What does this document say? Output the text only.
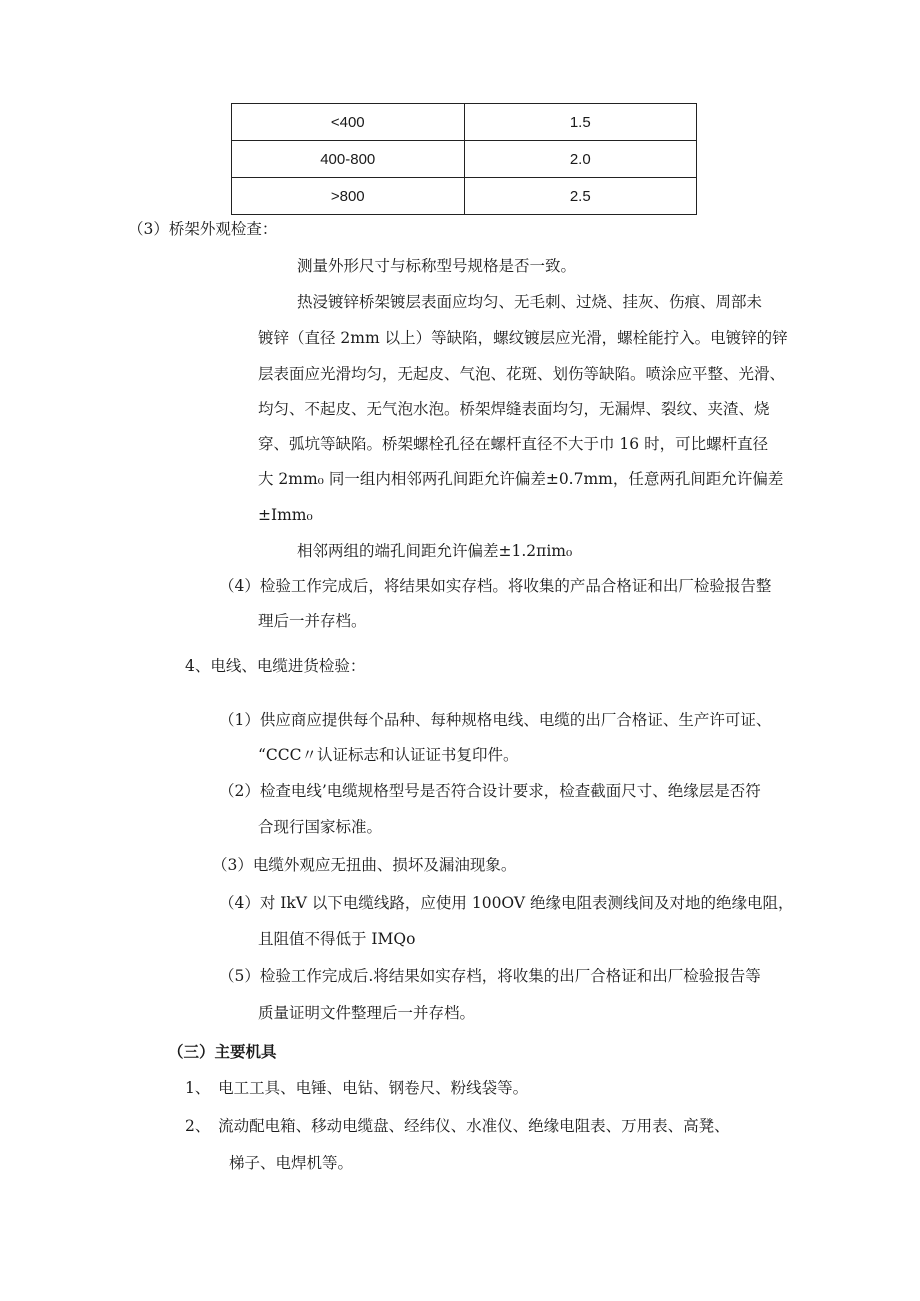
<400	1.5
400-800	2.0
>800	2.5
（3）桥架外观检查：
测量外形尺寸与标称型号规格是否一致。
热浸镀锌桥架镀层表面应均匀、无毛刺、过烧、挂灰、伤痕、周部未
镀锌（直径 2mm 以上）等缺陷，螺纹镀层应光滑，螺栓能拧入。电镀锌的锌
层表面应光滑均匀，无起皮、气泡、花斑、划伤等缺陷。喷涂应平整、光滑、
均匀、不起皮、无气泡水泡。桥架焊缝表面均匀，无漏焊、裂纹、夹渣、烧
穿、弧坑等缺陷。桥架螺栓孔径在螺杆直径不大于巾 16 时，可比螺杆直径
大 2mm₀ 同一组内相邻两孔间距允许偏差±0.7mm，任意两孔间距允许偏差
±Imm₀
相邻两组的端孔间距允许偏差±1.2πim₀
（4）检验工作完成后，将结果如实存档。将收集的产品合格证和出厂检验报告整
理后一并存档。
4、电线、电缆进货检验：
（1）供应商应提供每个品种、每种规格电线、电缆的出厂合格证、生产许可证、
“CCC〃认证标志和认证证书复印件。
（2）检查电线’电缆规格型号是否符合设计要求，检查截面尺寸、绝缘层是否符
合现行国家标准。
（3）电缆外观应无扭曲、损坏及漏油现象。
（4）对 IkV 以下电缆线路，应使用 100OV 绝缘电阻表测线间及对地的绝缘电阻，
且阻值不得低于 IMQo
（5）检验工作完成后.将结果如实存档，将收集的出厂合格证和出厂检验报告等
质量证明文件整理后一并存档。
（三）主要机具
1、　电工工具、电锤、电钻、钢卷尺、粉线袋等。
2、　流动配电箱、移动电缆盘、经纬仪、水准仪、绝缘电阻表、万用表、高凳、
梯子、电焊机等。
